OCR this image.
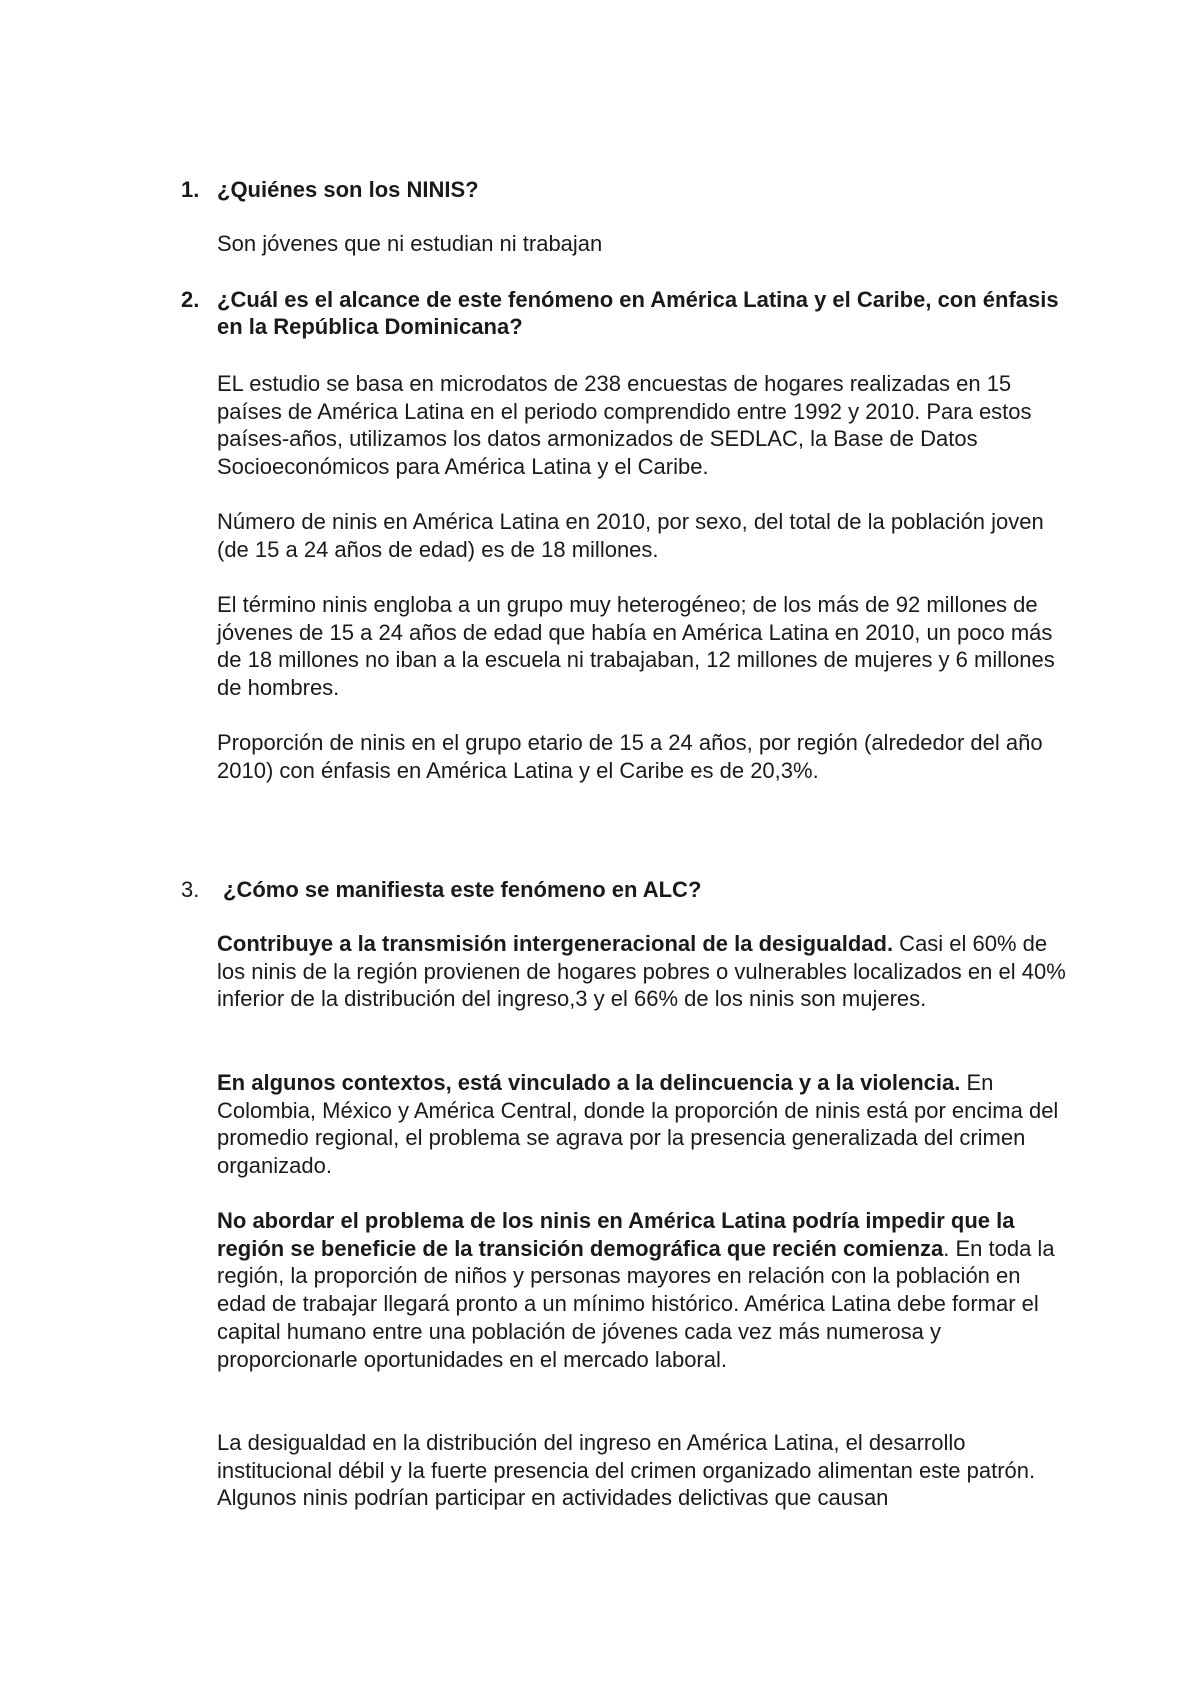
1. ¿Quiénes son los NINIS?

Son jóvenes que ni estudian ni trabajan

2. ¿Cuál es el alcance de este fenómeno en América Latina y el Caribe, con énfasis en la República Dominicana?

EL estudio se basa en microdatos de 238 encuestas de hogares realizadas en 15 países de América Latina en el periodo comprendido entre 1992 y 2010. Para estos países-años, utilizamos los datos armonizados de SEDLAC, la Base de Datos Socioeconómicos para América Latina y el Caribe.

Número de ninis en América Latina en 2010, por sexo, del total de la población joven (de 15 a 24 años de edad) es de 18 millones.

El término ninis engloba a un grupo muy heterogéneo; de los más de 92 millones de jóvenes de 15 a 24 años de edad que había en América Latina en 2010, un poco más de 18 millones no iban a la escuela ni trabajaban, 12 millones de mujeres y 6 millones de hombres.

Proporción de ninis en el grupo etario de 15 a 24 años, por región (alrededor del año 2010) con énfasis en América Latina y el Caribe es de 20,3%.

3. ¿Cómo se manifiesta este fenómeno en ALC?

Contribuye a la transmisión intergeneracional de la desigualdad. Casi el 60% de los ninis de la región provienen de hogares pobres o vulnerables localizados en el 40% inferior de la distribución del ingreso,3 y el 66% de los ninis son mujeres.

En algunos contextos, está vinculado a la delincuencia y a la violencia. En Colombia, México y América Central, donde la proporción de ninis está por encima del promedio regional, el problema se agrava por la presencia generalizada del crimen organizado.

No abordar el problema de los ninis en América Latina podría impedir que la región se beneficie de la transición demográfica que recién comienza. En toda la región, la proporción de niños y personas mayores en relación con la población en edad de trabajar llegará pronto a un mínimo histórico. América Latina debe formar el capital humano entre una población de jóvenes cada vez más numerosa y proporcionarle oportunidades en el mercado laboral.

La desigualdad en la distribución del ingreso en América Latina, el desarrollo institucional débil y la fuerte presencia del crimen organizado alimentan este patrón. Algunos ninis podrían participar en actividades delictivas que causan
